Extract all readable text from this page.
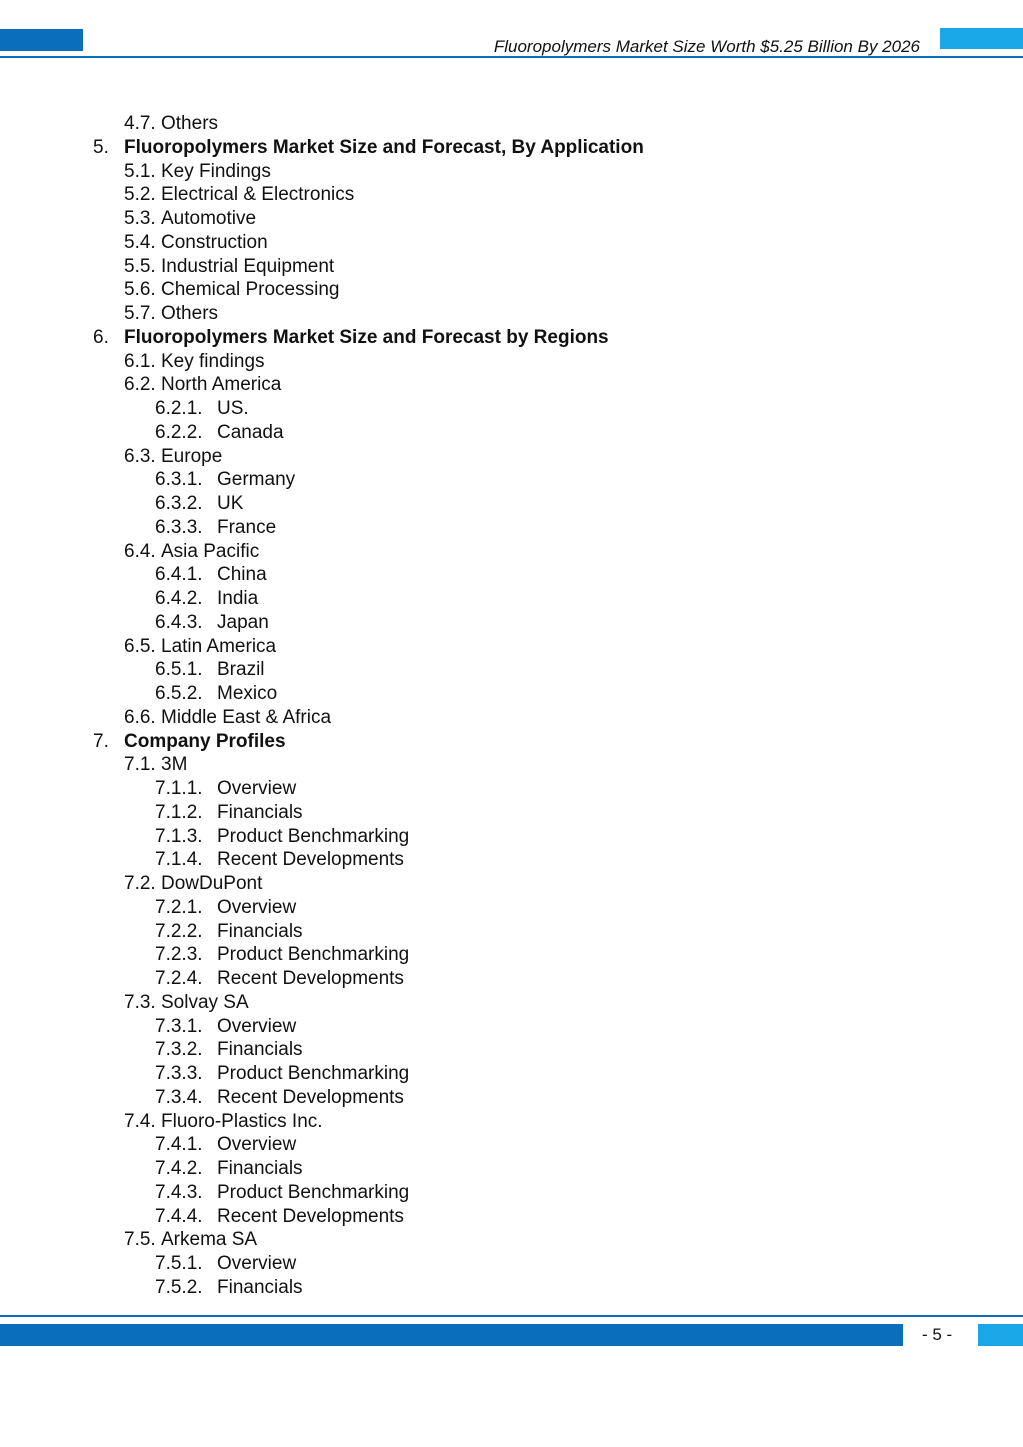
Fluoropolymers Market Size Worth $5.25 Billion By 2026
4.7. Others
5. Fluoropolymers Market Size and Forecast, By Application
5.1. Key Findings
5.2. Electrical & Electronics
5.3. Automotive
5.4. Construction
5.5. Industrial Equipment
5.6. Chemical Processing
5.7. Others
6. Fluoropolymers Market Size and Forecast by Regions
6.1. Key findings
6.2. North America
6.2.1. US.
6.2.2. Canada
6.3. Europe
6.3.1. Germany
6.3.2. UK
6.3.3. France
6.4. Asia Pacific
6.4.1. China
6.4.2. India
6.4.3. Japan
6.5. Latin America
6.5.1. Brazil
6.5.2. Mexico
6.6. Middle East & Africa
7. Company Profiles
7.1. 3M
7.1.1. Overview
7.1.2. Financials
7.1.3. Product Benchmarking
7.1.4. Recent Developments
7.2. DowDuPont
7.2.1. Overview
7.2.2. Financials
7.2.3. Product Benchmarking
7.2.4. Recent Developments
7.3. Solvay SA
7.3.1. Overview
7.3.2. Financials
7.3.3. Product Benchmarking
7.3.4. Recent Developments
7.4. Fluoro-Plastics Inc.
7.4.1. Overview
7.4.2. Financials
7.4.3. Product Benchmarking
7.4.4. Recent Developments
7.5. Arkema SA
7.5.1. Overview
7.5.2. Financials
- 5 -
